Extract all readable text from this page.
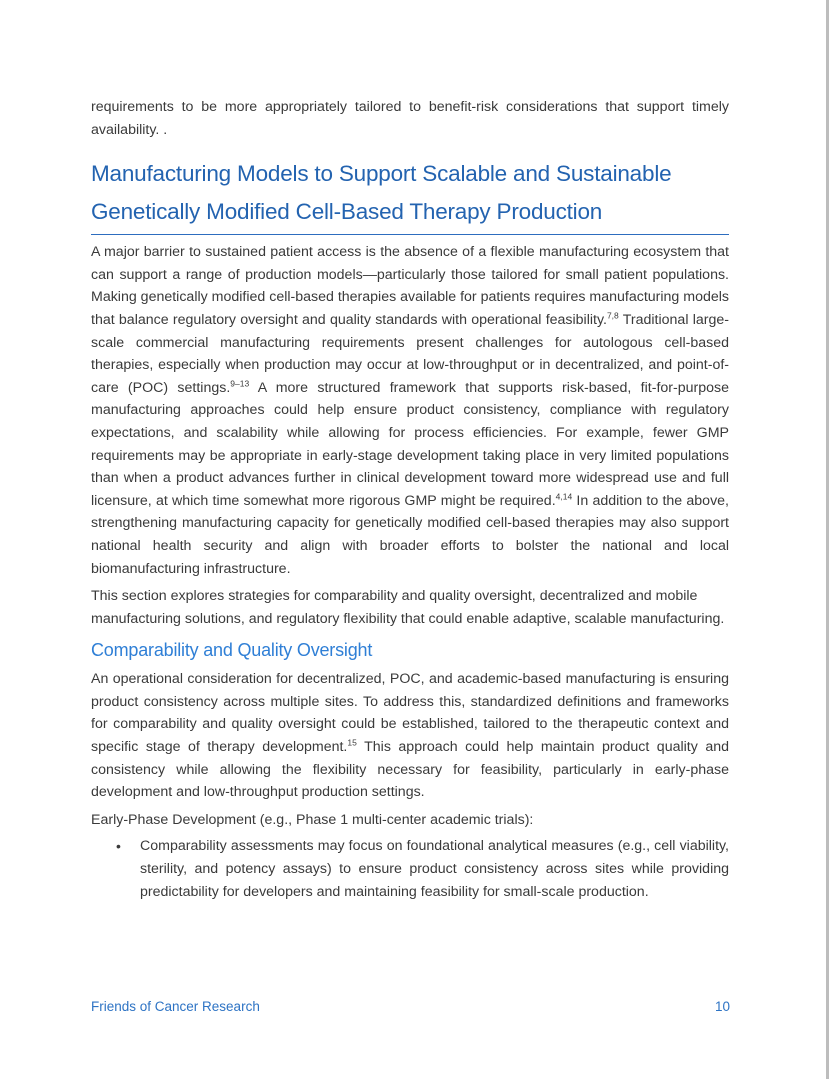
requirements to be more appropriately tailored to benefit-risk considerations that support timely availability. .

Manufacturing Models to Support Scalable and Sustainable Genetically Modified Cell-Based Therapy Production

A major barrier to sustained patient access is the absence of a flexible manufacturing ecosystem that can support a range of production models—particularly those tailored for small patient populations. Making genetically modified cell-based therapies available for patients requires manufacturing models that balance regulatory oversight and quality standards with operational feasibility.$^{7,8}$ Traditional large-scale commercial manufacturing requirements present challenges for autologous cell-based therapies, especially when production may occur at low-throughput or in decentralized, and point-of-care (POC) settings.$^{9-13}$ A more structured framework that supports risk-based, fit-for-purpose manufacturing approaches could help ensure product consistency, compliance with regulatory expectations, and scalability while allowing for process efficiencies. For example, fewer GMP requirements may be appropriate in early-stage development taking place in very limited populations than when a product advances further in clinical development toward more widespread use and full licensure, at which time somewhat more rigorous GMP might be required.$^{4,14}$ In addition to the above, strengthening manufacturing capacity for genetically modified cell-based therapies may also support national health security and align with broader efforts to bolster the national and local biomanufacturing infrastructure.

This section explores strategies for comparability and quality oversight, decentralized and mobile manufacturing solutions, and regulatory flexibility that could enable adaptive, scalable manufacturing.

Comparability and Quality Oversight

An operational consideration for decentralized, POC, and academic-based manufacturing is ensuring product consistency across multiple sites. To address this, standardized definitions and frameworks for comparability and quality oversight could be established, tailored to the therapeutic context and specific stage of therapy development.$^{15}$ This approach could help maintain product quality and consistency while allowing the flexibility necessary for feasibility, particularly in early-phase development and low-throughput production settings.

Early-Phase Development (e.g., Phase 1 multi-center academic trials):

• Comparability assessments may focus on foundational analytical measures (e.g., cell viability, sterility, and potency assays) to ensure product consistency across sites while providing predictability for developers and maintaining feasibility for small-scale production.

Friends of Cancer Research	10
